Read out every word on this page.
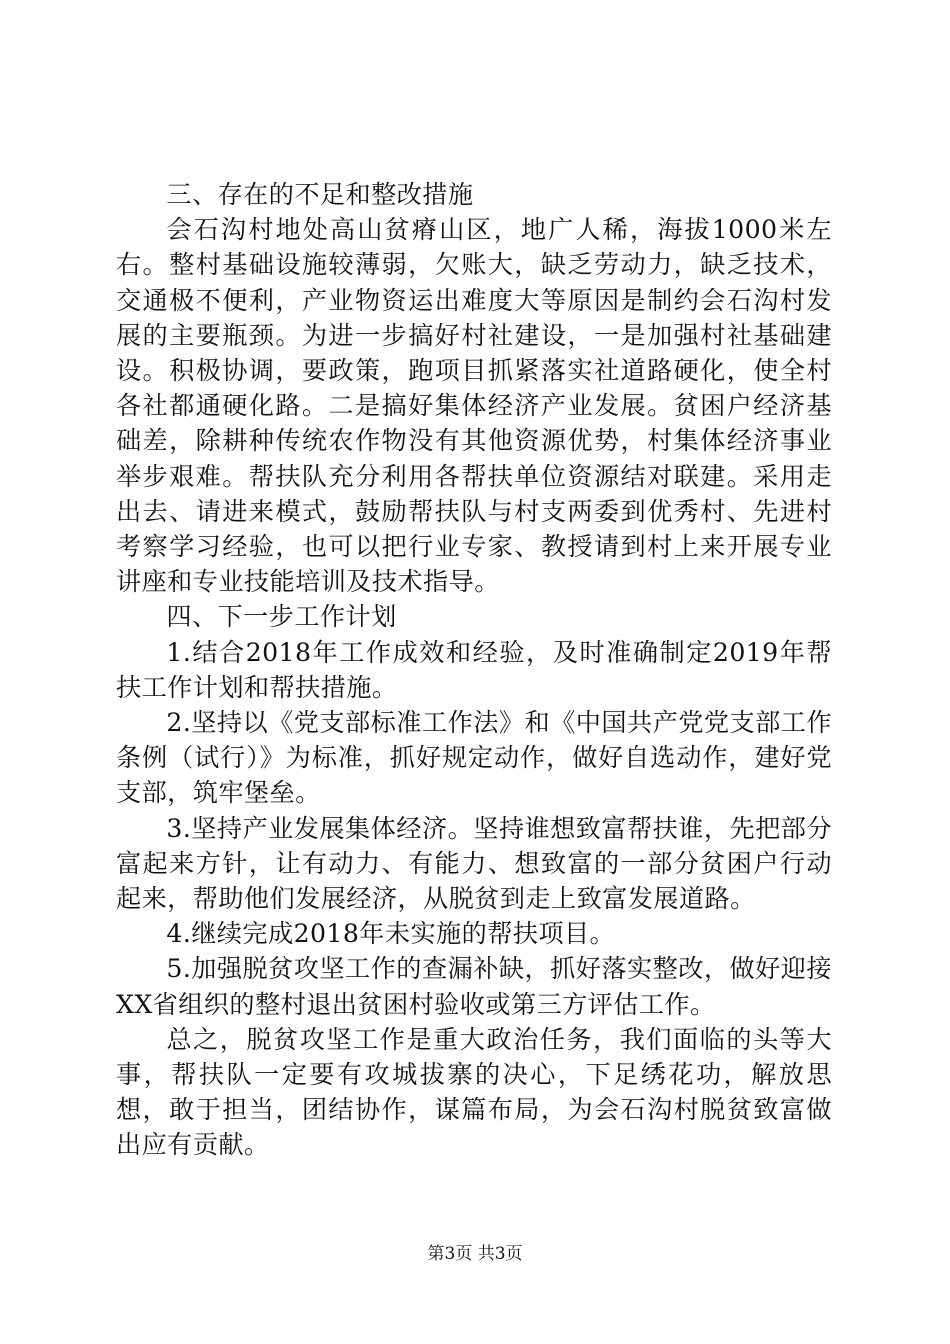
三、存在的不足和整改措施

会石沟村地处高山贫瘠山区，地广人稀，海拔1000米左右。整村基础设施较薄弱，欠账大，缺乏劳动力，缺乏技术，交通极不便利，产业物资运出难度大等原因是制约会石沟村发展的主要瓶颈。为进一步搞好村社建设，一是加强村社基础建设。积极协调，要政策，跑项目抓紧落实社道路硬化，使全村各社都通硬化路。二是搞好集体经济产业发展。贫困户经济基础差，除耕种传统农作物没有其他资源优势，村集体经济事业举步艰难。帮扶队充分利用各帮扶单位资源结对联建。采用走出去、请进来模式，鼓励帮扶队与村支两委到优秀村、先进村考察学习经验，也可以把行业专家、教授请到村上来开展专业讲座和专业技能培训及技术指导。

四、下一步工作计划

1.结合2018年工作成效和经验，及时准确制定2019年帮扶工作计划和帮扶措施。

2.坚持以《党支部标准工作法》和《中国共产党党支部工作条例（试行）》为标准，抓好规定动作，做好自选动作，建好党支部，筑牢堡垒。

3.坚持产业发展集体经济。坚持谁想致富帮扶谁，先把部分富起来方针，让有动力、有能力、想致富的一部分贫困户行动起来，帮助他们发展经济，从脱贫到走上致富发展道路。

4.继续完成2018年未实施的帮扶项目。

5.加强脱贫攻坚工作的查漏补缺，抓好落实整改，做好迎接XX省组织的整村退出贫困村验收或第三方评估工作。

总之，脱贫攻坚工作是重大政治任务，我们面临的头等大事，帮扶队一定要有攻城拔寨的决心，下足绣花功，解放思想，敢于担当，团结协作，谋篇布局，为会石沟村脱贫致富做出应有贡献。

第3页 共3页
